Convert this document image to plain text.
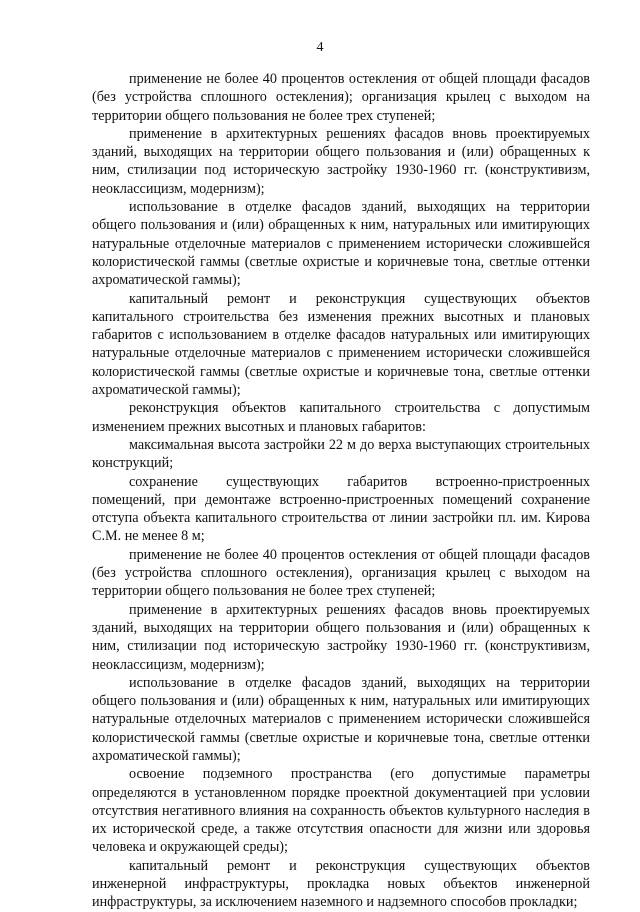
4

применение не более 40 процентов остекления от общей площади фасадов (без устройства сплошного остекления); организация крылец с выходом на территории общего пользования не более трех ступеней;

применение в архитектурных решениях фасадов вновь проектируемых зданий, выходящих на территории общего пользования и (или) обращенных к ним, стилизации под историческую застройку 1930-1960 гг. (конструктивизм, неоклассицизм, модернизм);

использование в отделке фасадов зданий, выходящих на территории общего пользования и (или) обращенных к ним, натуральных или имитирующих натуральные отделочные материалов с применением исторически сложившейся колористической гаммы (светлые охристые и коричневые тона, светлые оттенки ахроматической гаммы);

капитальный ремонт и реконструкция существующих объектов капитального строительства без изменения прежних высотных и плановых габаритов с использованием в отделке фасадов натуральных или имитирующих натуральные отделочные материалов с применением исторически сложившейся колористической гаммы (светлые охристые и коричневые тона, светлые оттенки ахроматической гаммы);

реконструкция объектов капитального строительства с допустимым изменением прежних высотных и плановых габаритов:

максимальная высота застройки 22 м до верха выступающих строительных конструкций;

сохранение существующих габаритов встроенно-пристроенных помещений, при демонтаже встроенно-пристроенных помещений сохранение отступа объекта капитального строительства от линии застройки пл. им. Кирова С.М. не менее 8 м;

применение не более 40 процентов остекления от общей площади фасадов (без устройства сплошного остекления), организация крылец с выходом на территории общего пользования не более трех ступеней;

применение в архитектурных решениях фасадов вновь проектируемых зданий, выходящих на территории общего пользования и (или) обращенных к ним, стилизации под историческую застройку 1930-1960 гг. (конструктивизм, неоклассицизм, модернизм);

использование в отделке фасадов зданий, выходящих на территории общего пользования и (или) обращенных к ним, натуральных или имитирующих натуральные отделочных материалов с применением исторически сложившейся колористической гаммы (светлые охристые и коричневые тона, светлые оттенки ахроматической гаммы);

освоение подземного пространства (его допустимые параметры определяются в установленном порядке проектной документацией при условии отсутствия негативного влияния на сохранность объектов культурного наследия в их исторической среде, а также отсутствия опасности для жизни или здоровья человека и окружающей среды);

капитальный ремонт и реконструкция существующих объектов инженерной инфраструктуры, прокладка новых объектов инженерной инфраструктуры, за исключением наземного и надземного способов прокладки;
